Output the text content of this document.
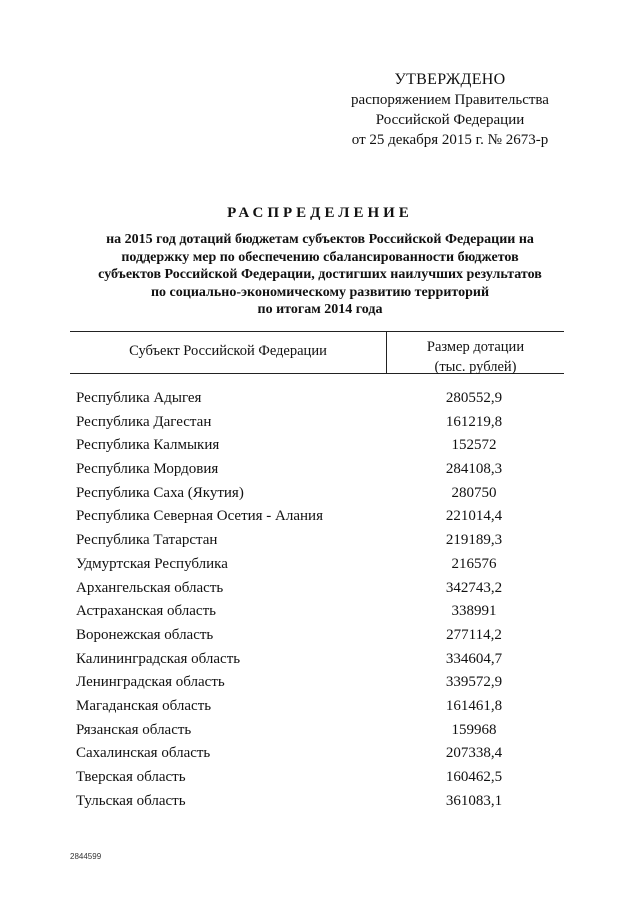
УТВЕРЖДЕНО
распоряжением Правительства
Российской Федерации
от 25 декабря 2015 г. № 2673-р
РАСПРЕДЕЛЕНИЕ
на 2015 год дотаций бюджетам субъектов Российской Федерации на
поддержку мер по обеспечению сбалансированности бюджетов
субъектов Российской Федерации, достигших наилучших результатов
по социально-экономическому развитию территорий
по итогам 2014 года
Субъект Российской Федерации	Размер дотации
(тыс. рублей)
Республика Адыгея	280552,9
Республика Дагестан	161219,8
Республика Калмыкия	152572
Республика Мордовия	284108,3
Республика Саха (Якутия)	280750
Республика Северная Осетия - Алания	221014,4
Республика Татарстан	219189,3
Удмуртская Республика	216576
Архангельская область	342743,2
Астраханская область	338991
Воронежская область	277114,2
Калининградская область	334604,7
Ленинградская область	339572,9
Магаданская область	161461,8
Рязанская область	159968
Сахалинская область	207338,4
Тверская область	160462,5
Тульская область	361083,1
2844599
